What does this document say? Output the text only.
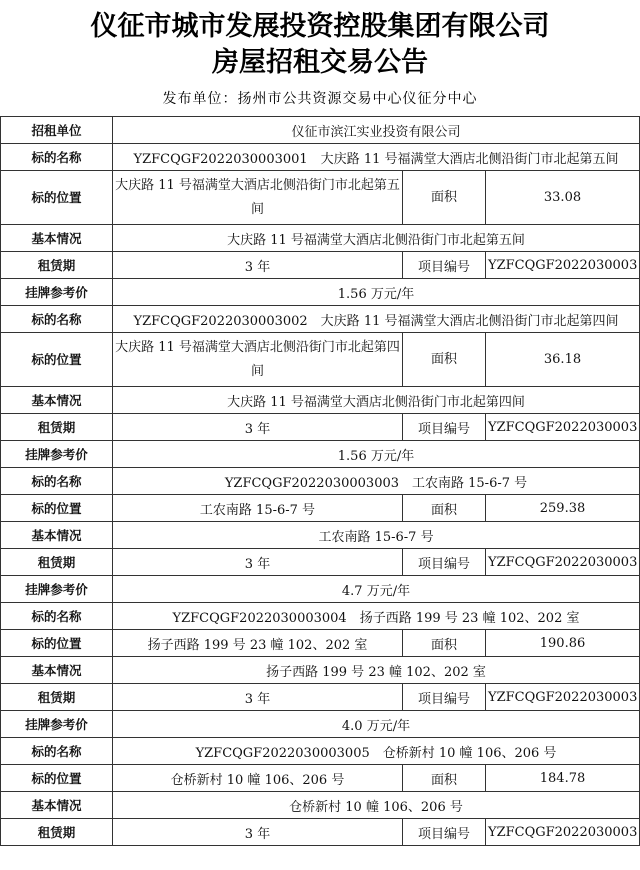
仪征市城市发展投资控股集团有限公司
房屋招租交易公告
发布单位：扬州市公共资源交易中心仪征分中心
招租单位	仪征市滨江实业投资有限公司		
标的名称	YZFCQGF2022030003001　大庆路 11 号福满堂大酒店北侧沿街门市北起第五间		
标的位置	大庆路 11 号福满堂大酒店北侧沿街门市北起第五间	面积	33.08
基本情况	大庆路 11 号福满堂大酒店北侧沿街门市北起第五间		
租赁期	3 年	项目编号	YZFCQGF2022030003
挂牌参考价	1.56 万元/年		
标的名称	YZFCQGF2022030003002　大庆路 11 号福满堂大酒店北侧沿街门市北起第四间		
标的位置	大庆路 11 号福满堂大酒店北侧沿街门市北起第四间	面积	36.18
基本情况	大庆路 11 号福满堂大酒店北侧沿街门市北起第四间		
租赁期	3 年	项目编号	YZFCQGF2022030003
挂牌参考价	1.56 万元/年		
标的名称	YZFCQGF2022030003003　工农南路 15-6-7 号		
标的位置	工农南路 15-6-7 号	面积	259.38
基本情况	工农南路 15-6-7 号		
租赁期	3 年	项目编号	YZFCQGF2022030003
挂牌参考价	4.7 万元/年		
标的名称	YZFCQGF2022030003004　扬子西路 199 号 23 幢 102、202 室		
标的位置	扬子西路 199 号 23 幢 102、202 室	面积	190.86
基本情况	扬子西路 199 号 23 幢 102、202 室		
租赁期	3 年	项目编号	YZFCQGF2022030003
挂牌参考价	4.0 万元/年		
标的名称	YZFCQGF2022030003005　仓桥新村 10 幢 106、206 号		
标的位置	仓桥新村 10 幢 106、206 号	面积	184.78
基本情况	仓桥新村 10 幢 106、206 号		
租赁期	3 年	项目编号	YZFCQGF2022030003
